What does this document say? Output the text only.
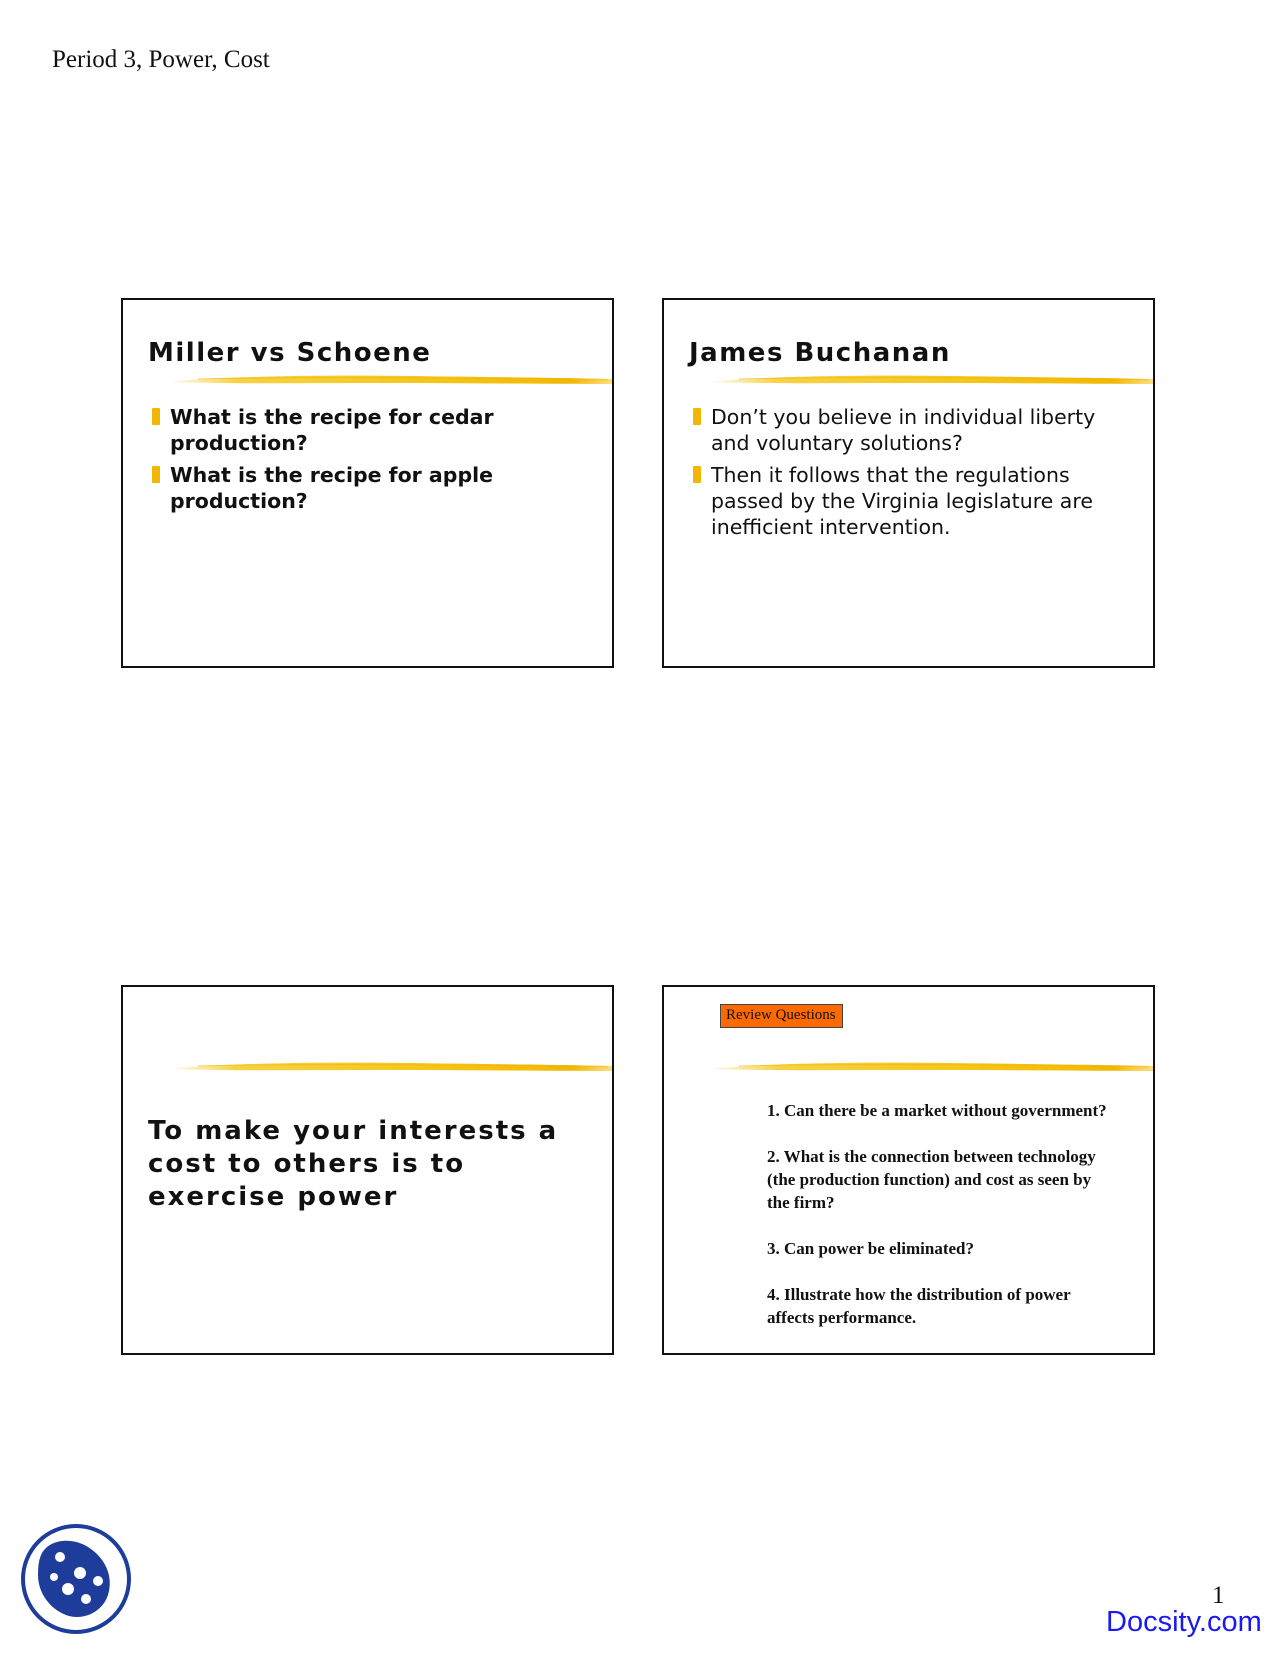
Period 3, Power, Cost
Miller vs Schoene
What is the recipe for cedar production?
What is the recipe for apple production?
James Buchanan
Don’t you believe in individual liberty and voluntary solutions?
Then it follows that the regulations passed by the Virginia legislature are inefficient intervention.
To make your interests a cost to others is to exercise power
Review Questions
1. Can there be a market without government?
2. What is the connection between technology (the production function) and cost as seen by the firm?
3. Can power be eliminated?
4. Illustrate how the distribution of power affects performance.
1
Docsity.com
